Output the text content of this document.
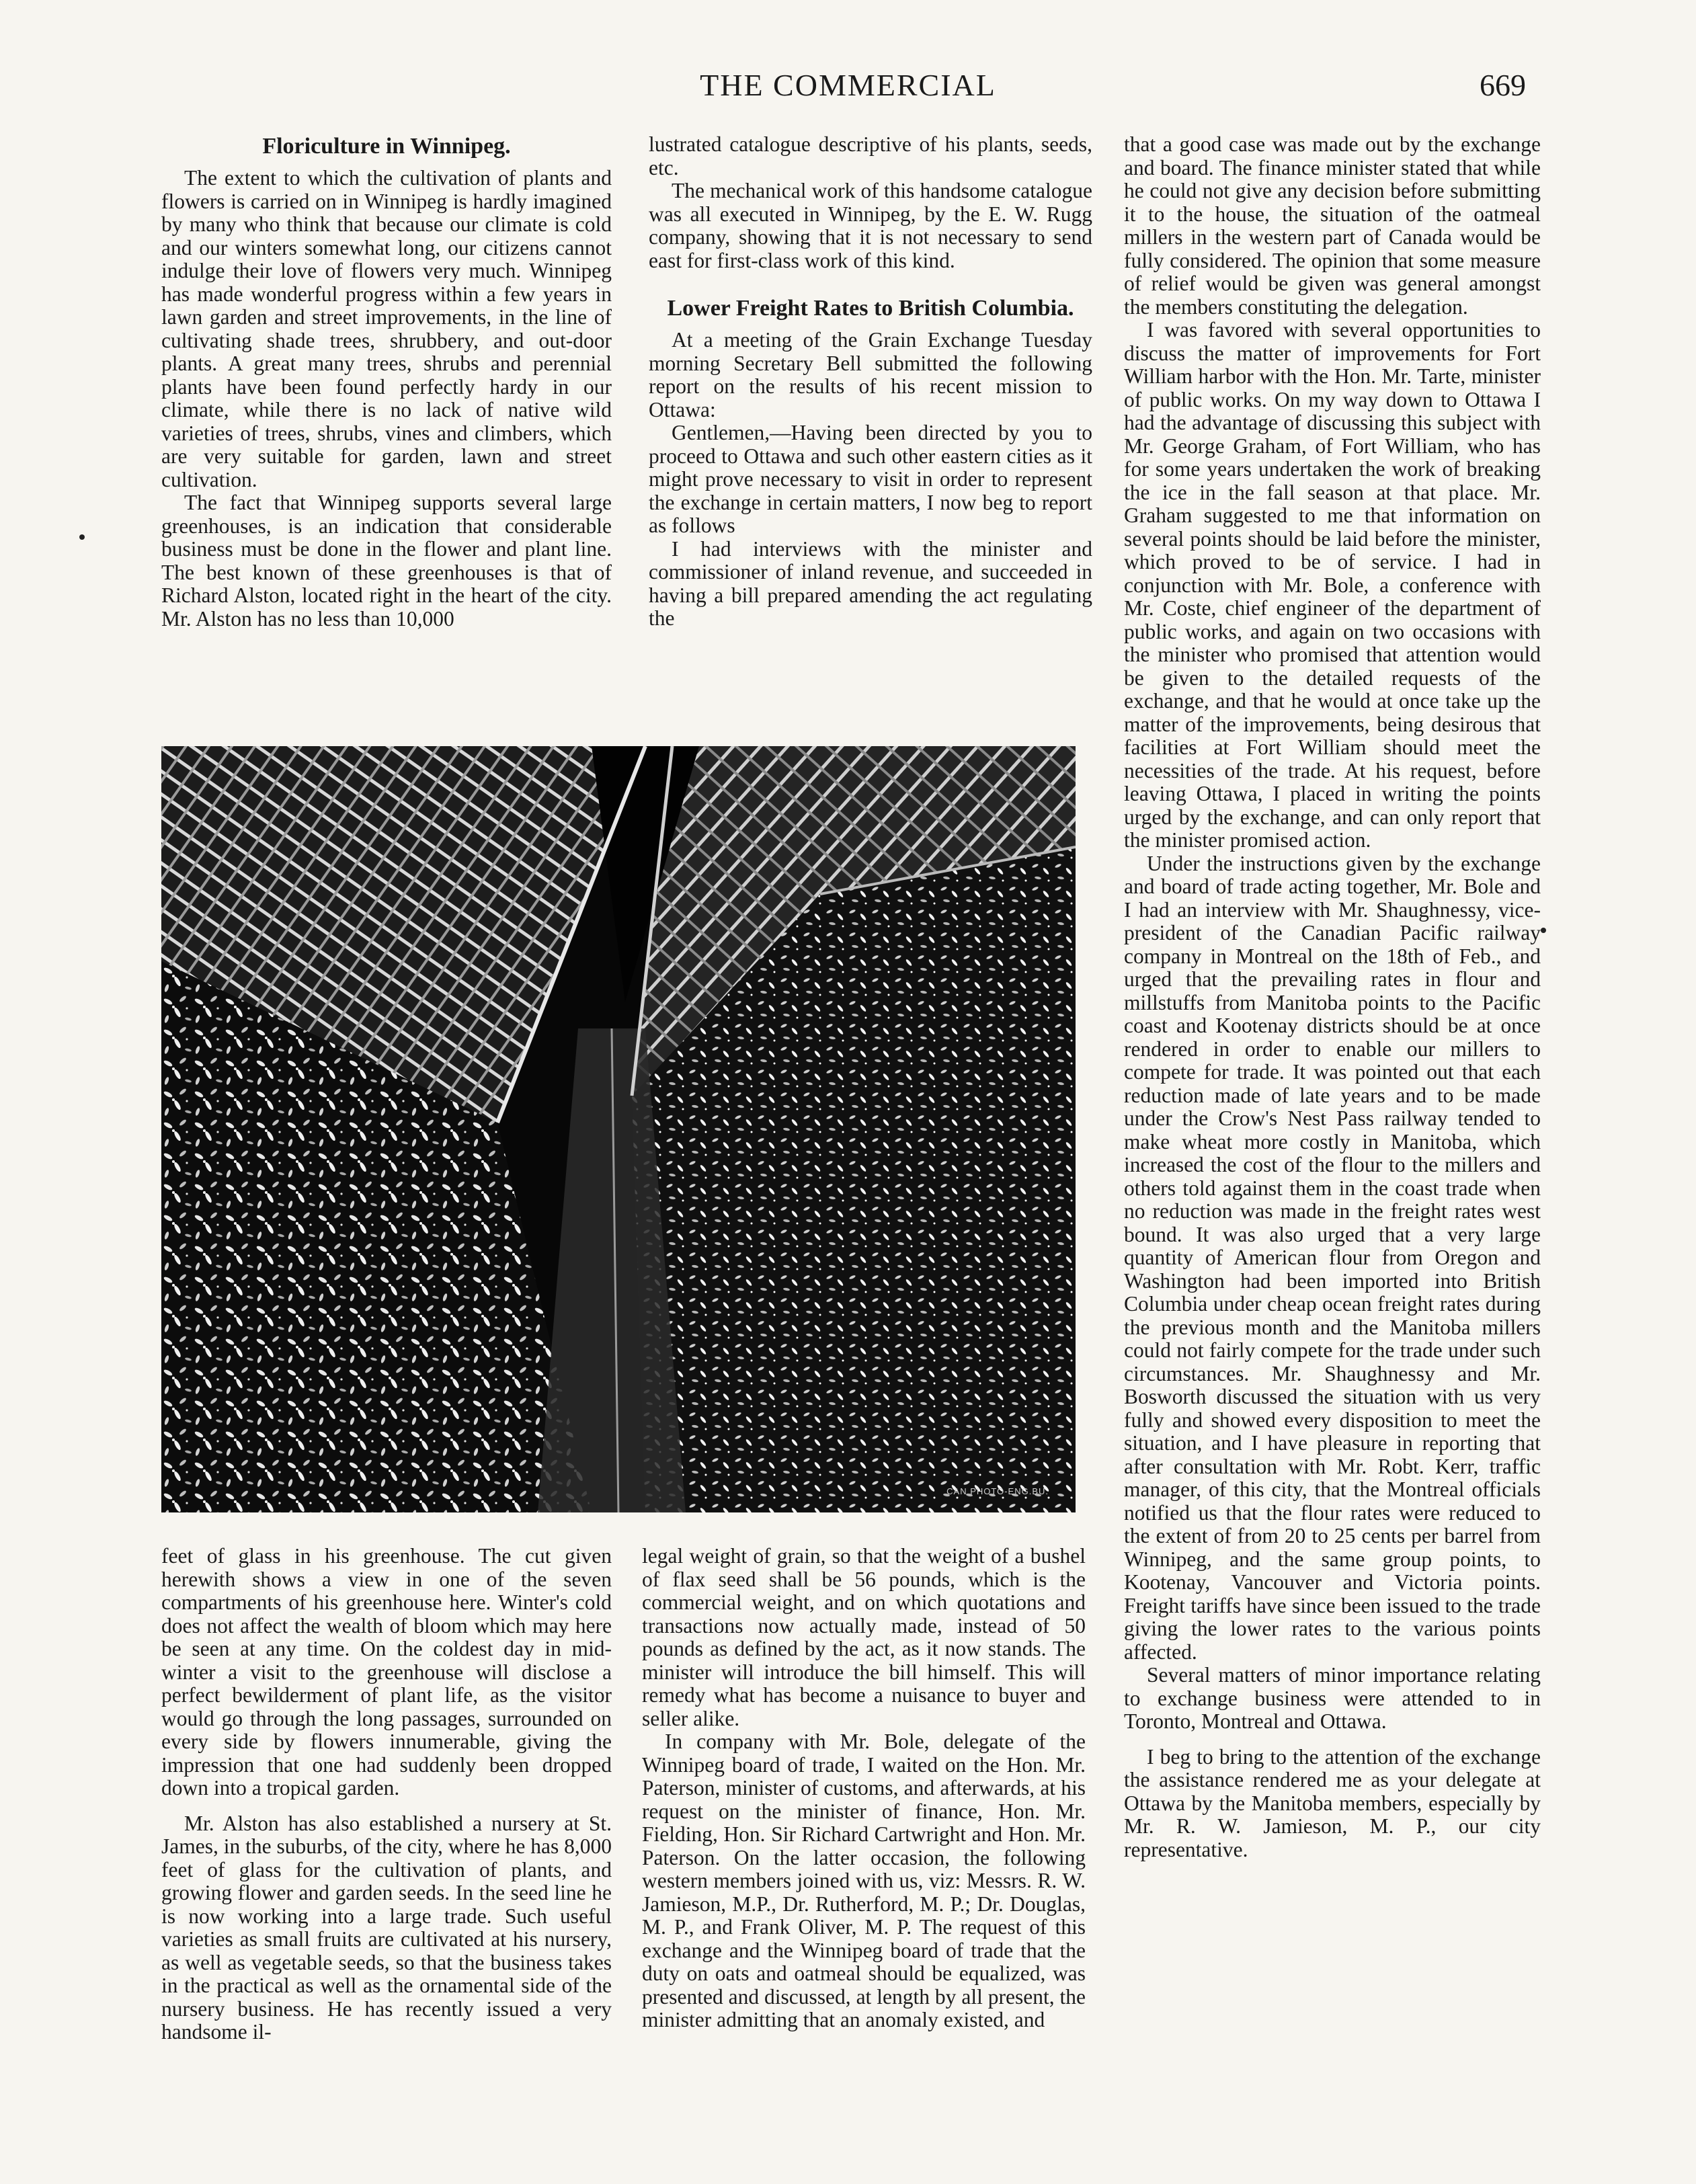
THE COMMERCIAL	669
Floriculture in Winnipeg.

The extent to which the cultivation of plants and flowers is carried on in Winnipeg is hardly imagined by many who think that because our climate is cold and our winters somewhat long, our citizens cannot indulge their love of flowers very much. Winnipeg has made wonderful progress within a few years in lawn garden and street improvements, in the line of cultivating shade trees, shrubbery, and out-door plants. A great many trees, shrubs and perennial plants have been found perfectly hardy in our climate, while there is no lack of native wild varieties of trees, shrubs, vines and climbers, which are very suitable for garden, lawn and street cultivation.

The fact that Winnipeg supports several large greenhouses, is an indication that considerable business must be done in the flower and plant line. The best known of these greenhouses is that of Richard Alston, located right in the heart of the city. Mr. Alston has no less than 10,000

lustrated catalogue descriptive of his plants, seeds, etc.

The mechanical work of this handsome catalogue was all executed in Winnipeg, by the E. W. Rugg company, showing that it is not necessary to send east for first-class work of this kind.

Lower Freight Rates to British Columbia.

At a meeting of the Grain Exchange Tuesday morning Secretary Bell submitted the following report on the results of his recent mission to Ottawa:

Gentlemen,—Having been directed by you to proceed to Ottawa and such other eastern cities as it might prove necessary to visit in order to represent the exchange in certain matters, I now beg to report as follows

I had interviews with the minister and commissioner of inland revenue, and succeeded in having a bill prepared amending the act regulating the

CAN PHOTO-ENG.BU.

that a good case was made out by the exchange and board. The finance minister stated that while he could not give any decision before submitting it to the house, the situation of the oatmeal millers in the western part of Canada would be fully considered. The opinion that some measure of relief would be given was general amongst the members constituting the delegation.

I was favored with several opportunities to discuss the matter of improvements for Fort William harbor with the Hon. Mr. Tarte, minister of public works. On my way down to Ottawa I had the advantage of discussing this subject with Mr. George Graham, of Fort William, who has for some years undertaken the work of breaking the ice in the fall season at that place. Mr. Graham suggested to me that information on several points should be laid before the minister, which proved to be of service. I had in conjunction with Mr. Bole, a conference with Mr. Coste, chief engineer of the department of public works, and again on two occasions with the minister who promised that attention would be given to the detailed requests of the exchange, and that he would at once take up the matter of the improvements, being desirous that facilities at Fort William should meet the necessities of the trade. At his request, before leaving Ottawa, I placed in writing the points urged by the exchange, and can only report that the minister promised action.

Under the instructions given by the exchange and board of trade acting together, Mr. Bole and I had an interview with Mr. Shaughnessy, vice-president of the Canadian Pacific railway company in Montreal on the 18th of Feb., and urged that the prevailing rates in flour and millstuffs from Manitoba points to the Pacific coast and Kootenay districts should be at once rendered in order to enable our millers to compete for trade. It was pointed out that each reduction made of late years and to be made under the Crow's Nest Pass railway tended to make wheat more costly in Manitoba, which increased the cost of the flour to the millers and others told against them in the coast trade when no reduction was made in the freight rates west bound. It was also urged that a very large quantity of American flour from Oregon and Washington had been imported into British Columbia under cheap ocean freight rates during the previous month and the Manitoba millers could not fairly compete for the trade under such circumstances. Mr. Shaughnessy and Mr. Bosworth discussed the situation with us very fully and showed every disposition to meet the situation, and I have pleasure in reporting that after consultation with Mr. Robt. Kerr, traffic manager, of this city, that the Montreal officials notified us that the flour rates were reduced to the extent of from 20 to 25 cents per barrel from Winnipeg, and the same group points, to Kootenay, Vancouver and Victoria points. Freight tariffs have since been issued to the trade giving the lower rates to the various points affected.

Several matters of minor importance relating to exchange business were attended to in Toronto, Montreal and Ottawa.

I beg to bring to the attention of the exchange the assistance rendered me as your delegate at Ottawa by the Manitoba members, especially by Mr. R. W. Jamieson, M. P., our city representative.

feet of glass in his greenhouse. The cut given herewith shows a view in one of the seven compartments of his greenhouse here. Winter's cold does not affect the wealth of bloom which may here be seen at any time. On the coldest day in mid-winter a visit to the greenhouse will disclose a perfect bewilderment of plant life, as the visitor would go through the long passages, surrounded on every side by flowers innumerable, giving the impression that one had suddenly been dropped down into a tropical garden.

Mr. Alston has also established a nursery at St. James, in the suburbs, of the city, where he has 8,000 feet of glass for the cultivation of plants, and growing flower and garden seeds. In the seed line he is now working into a large trade. Such useful varieties as small fruits are cultivated at his nursery, as well as vegetable seeds, so that the business takes in the practical as well as the ornamental side of the nursery business. He has recently issued a very handsome il-

legal weight of grain, so that the weight of a bushel of flax seed shall be 56 pounds, which is the commercial weight, and on which quotations and transactions now actually made, instead of 50 pounds as defined by the act, as it now stands. The minister will introduce the bill himself. This will remedy what has become a nuisance to buyer and seller alike.

In company with Mr. Bole, delegate of the Winnipeg board of trade, I waited on the Hon. Mr. Paterson, minister of customs, and afterwards, at his request on the minister of finance, Hon. Mr. Fielding, Hon. Sir Richard Cartwright and Hon. Mr. Paterson. On the latter occasion, the following western members joined with us, viz: Messrs. R. W. Jamieson, M.P., Dr. Rutherford, M. P.; Dr. Douglas, M. P., and Frank Oliver, M. P. The request of this exchange and the Winnipeg board of trade that the duty on oats and oatmeal should be equalized, was presented and discussed, at length by all present, the minister admitting that an anomaly existed, and
